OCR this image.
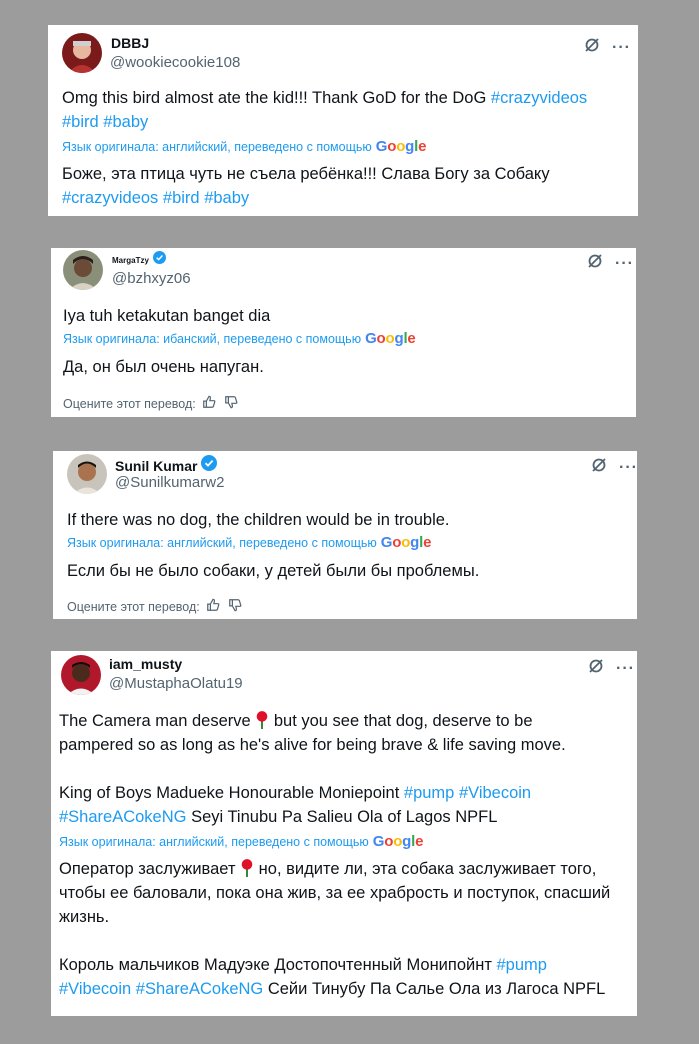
DBBJ
@wookiecookie108
···
Omg this bird almost ate the kid!!! Thank GoD for the DoG #crazyvideos
#bird #baby
Язык оригинала:
английский,
переведено с помощью Google
Боже, эта птица чуть не съела ребёнка!!! Слава Богу за Собаку
#crazyvideos #bird #baby
MargaTzy
@bzhxyz06
···
Iya tuh ketakutan banget dia
Язык оригинала:
ибанский,
переведено с помощью Google
Да, он был очень напуган.
Оцените этот перевод:
Sunil Kumar
@Sunilkumarw2
···
If there was no dog, the children would be in trouble.
Язык оригинала:
английский,
переведено с помощью Google
Если бы не было собаки, у детей были бы проблемы.
Оцените этот перевод:
iam_musty
@MustaphaOlatu19
···
The Camera man deserve  but you see that dog, deserve to be
pampered so as long as he's alive for being brave & life saving move.
King of Boys Madueke Honourable Moniepoint #pump #Vibecoin
#ShareACokeNG Seyi Tinubu Pa Salieu Ola of Lagos NPFL
Язык оригинала:
английский,
переведено с помощью Google
Оператор заслуживает  но, видите ли, эта собака заслуживает того,
чтобы ее баловали, пока она жив, за ее храбрость и поступок, спасший
жизнь.
Король мальчиков Мадуэке Достопочтенный Монипойнт #pump
#Vibecoin #ShareACokeNG Сейи Тинубу Па Салье Ола из Лагоса NPFL
